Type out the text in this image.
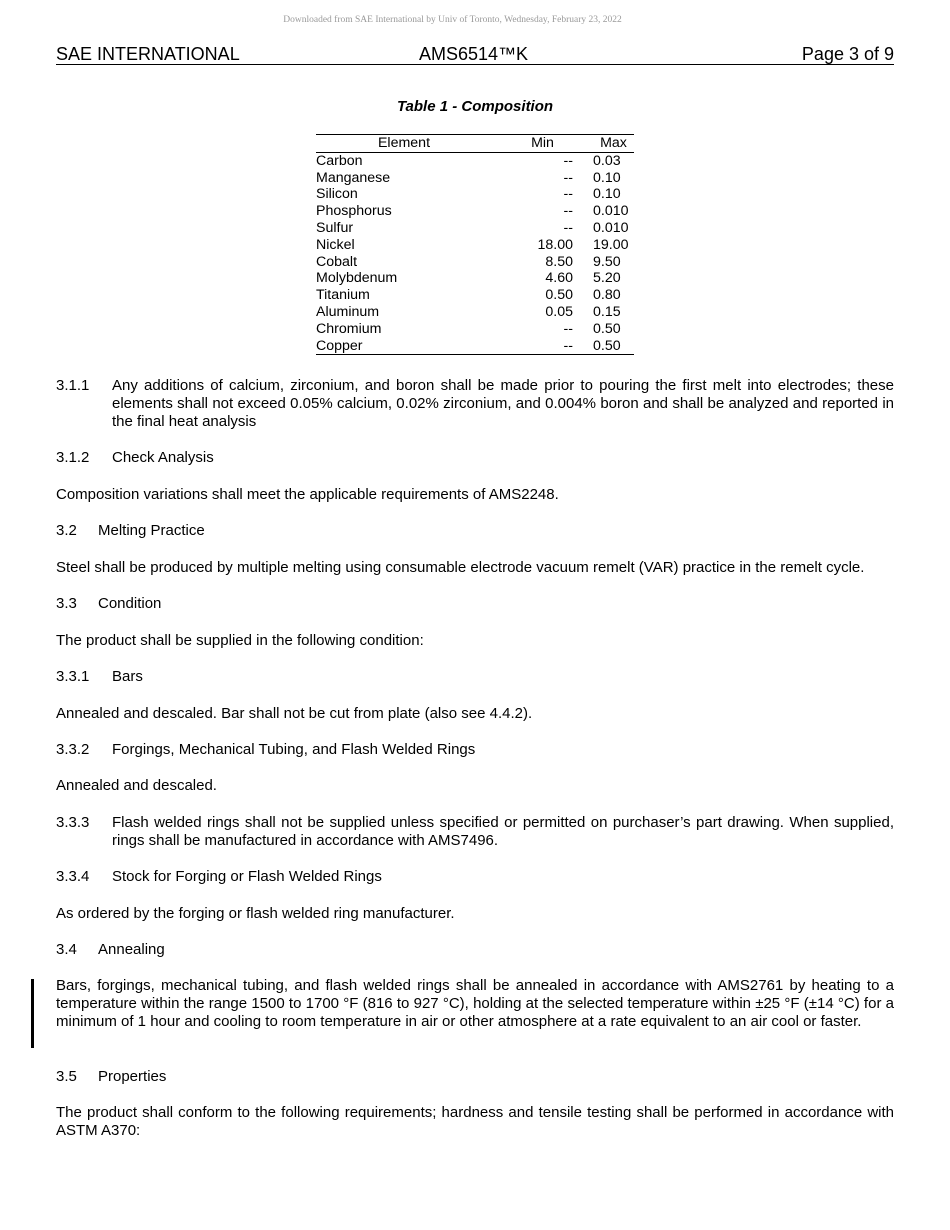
Downloaded from SAE International by Univ of Toronto, Wednesday, February 23, 2022
SAE INTERNATIONAL	AMS6514™K	Page 3 of 9
Table 1 - Composition
Element	Min	Max
Carbon	--	0.03
Manganese	--	0.10
Silicon	--	0.10
Phosphorus	--	0.010
Sulfur	--	0.010
Nickel	18.00	19.00
Cobalt	8.50	9.50
Molybdenum	4.60	5.20
Titanium	0.50	0.80
Aluminum	0.05	0.15
Chromium	--	0.50
Copper	--	0.50
3.1.1 Any additions of calcium, zirconium, and boron shall be made prior to pouring the first melt into electrodes; these elements shall not exceed 0.05% calcium, 0.02% zirconium, and 0.004% boron and shall be analyzed and reported in the final heat analysis
3.1.2 Check Analysis
Composition variations shall meet the applicable requirements of AMS2248.
3.2 Melting Practice
Steel shall be produced by multiple melting using consumable electrode vacuum remelt (VAR) practice in the remelt cycle.
3.3 Condition
The product shall be supplied in the following condition:
3.3.1 Bars
Annealed and descaled. Bar shall not be cut from plate (also see 4.4.2).
3.3.2 Forgings, Mechanical Tubing, and Flash Welded Rings
Annealed and descaled.
3.3.3 Flash welded rings shall not be supplied unless specified or permitted on purchaser’s part drawing. When supplied, rings shall be manufactured in accordance with AMS7496.
3.3.4 Stock for Forging or Flash Welded Rings
As ordered by the forging or flash welded ring manufacturer.
3.4 Annealing
Bars, forgings, mechanical tubing, and flash welded rings shall be annealed in accordance with AMS2761 by heating to a temperature within the range 1500 to 1700 °F (816 to 927 °C), holding at the selected temperature within ±25 °F (±14 °C) for a minimum of 1 hour and cooling to room temperature in air or other atmosphere at a rate equivalent to an air cool or faster.
3.5 Properties
The product shall conform to the following requirements; hardness and tensile testing shall be performed in accordance with ASTM A370:
